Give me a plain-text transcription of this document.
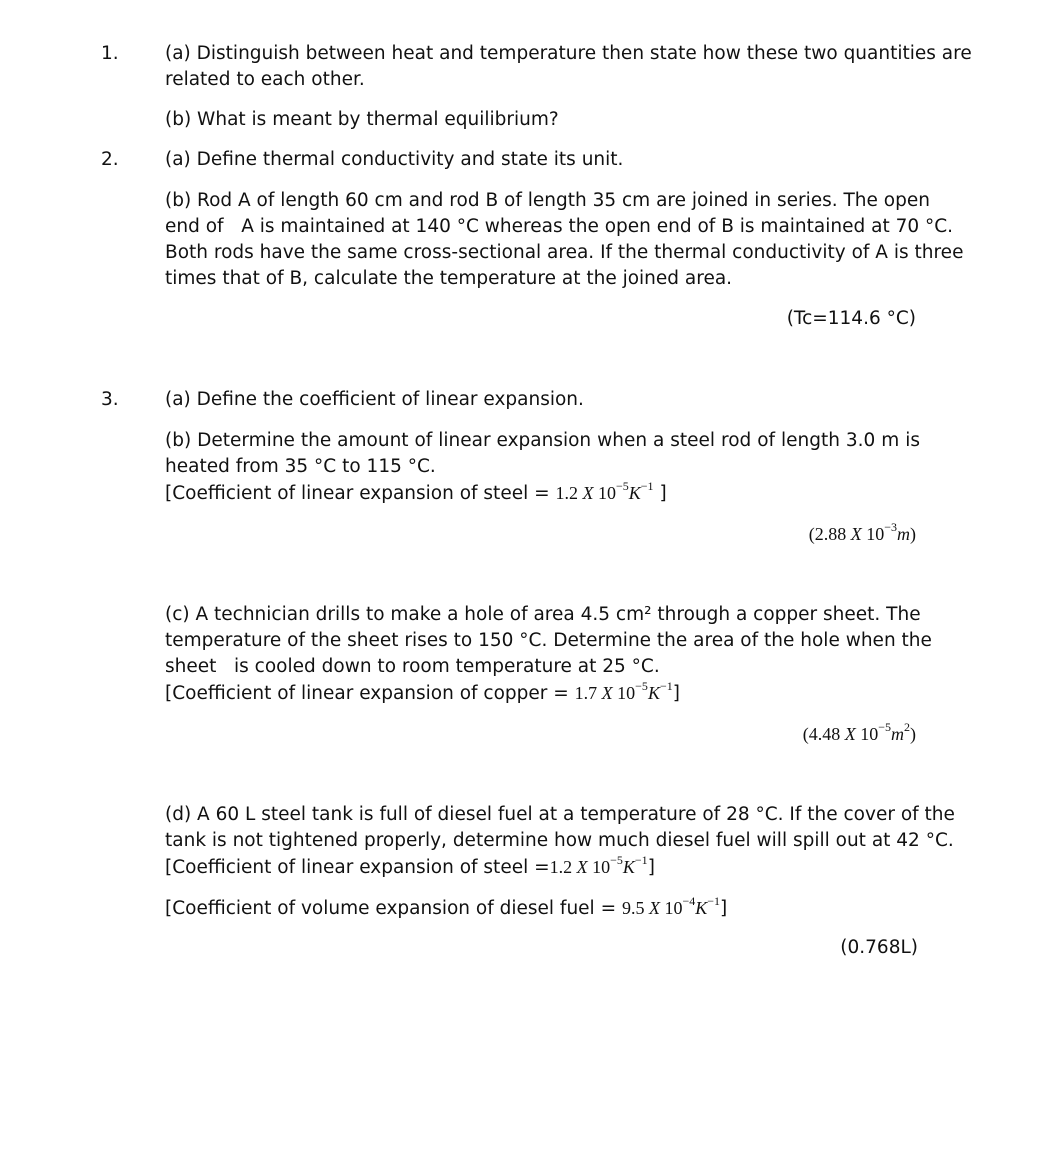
1.	(a) Distinguish between heat and temperature then state how these two quantities are
related to each other.
(b) What is meant by thermal equilibrium?
2.	(a) Define thermal conductivity and state its unit.
(b) Rod A of length 60 cm and rod B of length 35 cm are joined in series. The open
end of   A is maintained at 140 °C whereas the open end of B is maintained at 70 °C.
Both rods have the same cross-sectional area. If the thermal conductivity of A is three
times that of B, calculate the temperature at the joined area.
(Tc=114.6 °C)
3.	(a) Define the coefficient of linear expansion.
(b) Determine the amount of linear expansion when a steel rod of length 3.0 m is
heated from 35 °C to 115 °C.
[Coefficient of linear expansion of steel = 1.2 X $10^{-5}K^{-1}$ ]
(2.88 X $10^{-3}m$)
(c) A technician drills to make a hole of area 4.5 cm² through a copper sheet. The
temperature of the sheet rises to 150 °C. Determine the area of the hole when the
sheet   is cooled down to room temperature at 25 °C.
[Coefficient of linear expansion of copper = 1.7 X $10^{-5}K^{-1}$]
(4.48 X $10^{-5}m^2$)
(d) A 60 L steel tank is full of diesel fuel at a temperature of 28 °C. If the cover of the
tank is not tightened properly, determine how much diesel fuel will spill out at 42 °C.
[Coefficient of linear expansion of steel =1.2 X $10^{-5}K^{-1}$]
[Coefficient of volume expansion of diesel fuel = 9.5 X $10^{-4}K^{-1}$]
(0.768L)
